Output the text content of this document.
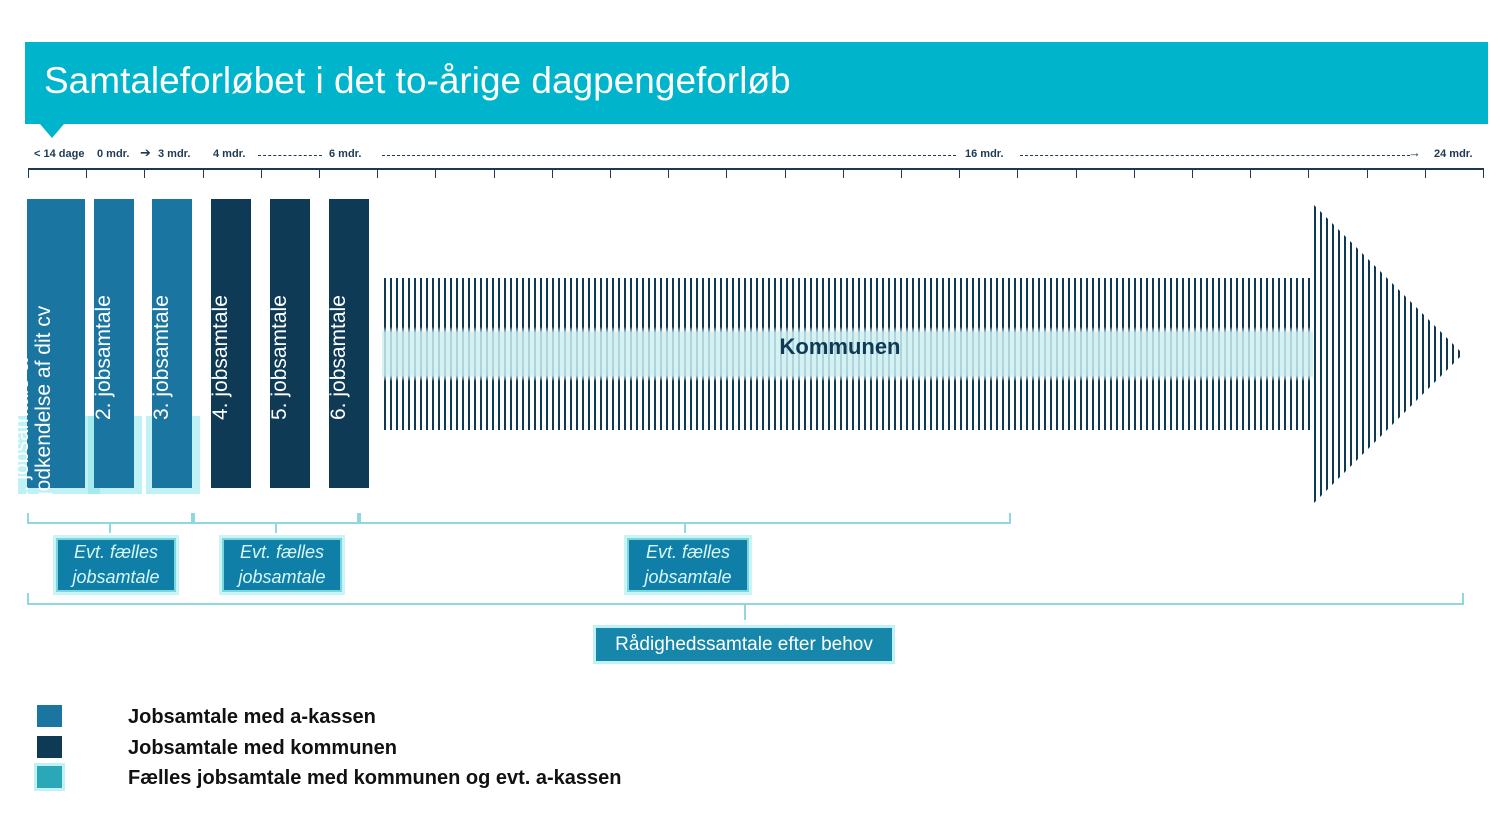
Samtaleforløbet i det to-årige dagpengeforløb
< 14 dage 0 mdr. ➔ 3 mdr. 4 mdr.	6 mdr.	16 mdr.	→ 24 mdr.
1. jobsamtale & godkendelse af dit cv 2. jobsamtale 3. jobsamtale 4. jobsamtale 5. jobsamtale 6. jobsamtale	Kommunen
Evt. fælles
jobsamtale
Evt. fælles
jobsamtale
Evt. fælles
jobsamtale
Rådighedssamtale efter behov
Jobsamtale med a-kassen
Jobsamtale med kommunen
Fælles jobsamtale med kommunen og evt. a-kassen
